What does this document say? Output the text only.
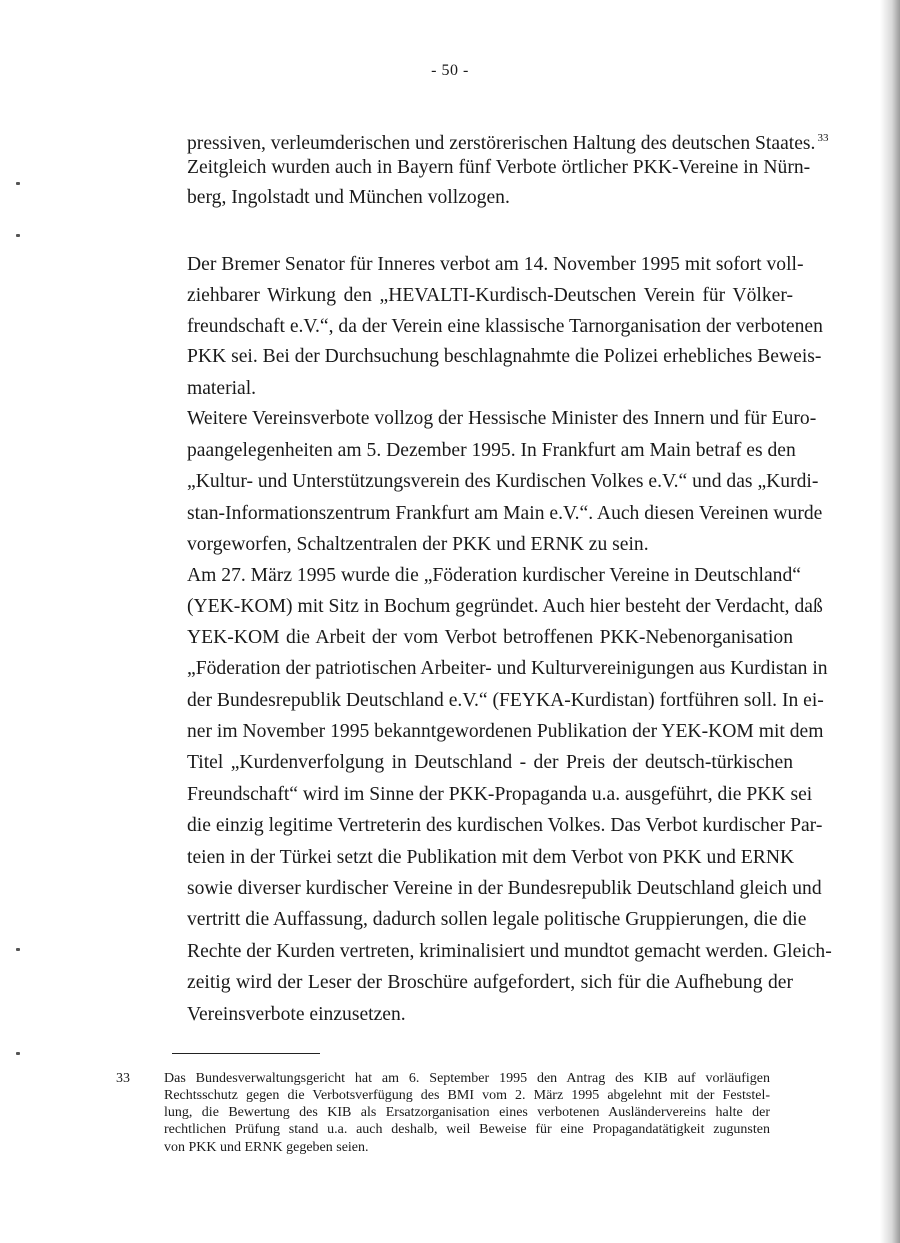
- 50 -
pressiven, verleumderischen und zerstörerischen Haltung des deutschen Staates. $^{33}$
Zeitgleich wurden auch in Bayern fünf Verbote örtlicher PKK-Vereine in Nürn-
berg, Ingolstadt und München vollzogen.
Der Bremer Senator für Inneres verbot am 14. November 1995 mit sofort voll-
ziehbarer Wirkung den „HEVALTI-Kurdisch-Deutschen Verein für Völker-
freundschaft e.V.“, da der Verein eine klassische Tarnorganisation der verbotenen
PKK sei. Bei der Durchsuchung beschlagnahmte die Polizei erhebliches Beweis-
material.
Weitere Vereinsverbote vollzog der Hessische Minister des Innern und für Euro-
paangelegenheiten am 5. Dezember 1995. In Frankfurt am Main betraf es den
„Kultur- und Unterstützungsverein des Kurdischen Volkes e.V.“ und das „Kurdi-
stan-Informationszentrum Frankfurt am Main e.V.“. Auch diesen Vereinen wurde
vorgeworfen, Schaltzentralen der PKK und ERNK zu sein.
Am 27. März 1995 wurde die „Föderation kurdischer Vereine in Deutschland“
(YEK-KOM) mit Sitz in Bochum gegründet. Auch hier besteht der Verdacht, daß
YEK-KOM die Arbeit der vom Verbot betroffenen PKK-Nebenorganisation
„Föderation der patriotischen Arbeiter- und Kulturvereinigungen aus Kurdistan in
der Bundesrepublik Deutschland e.V.“ (FEYKA-Kurdistan) fortführen soll. In ei-
ner im November 1995 bekanntgewordenen Publikation der YEK-KOM mit dem
Titel „Kurdenverfolgung in Deutschland - der Preis der deutsch-türkischen
Freundschaft“ wird im Sinne der PKK-Propaganda u.a. ausgeführt, die PKK sei
die einzig legitime Vertreterin des kurdischen Volkes. Das Verbot kurdischer Par-
teien in der Türkei setzt die Publikation mit dem Verbot von PKK und ERNK
sowie diverser kurdischer Vereine in der Bundesrepublik Deutschland gleich und
vertritt die Auffassung, dadurch sollen legale politische Gruppierungen, die die
Rechte der Kurden vertreten, kriminalisiert und mundtot gemacht werden. Gleich-
zeitig wird der Leser der Broschüre aufgefordert, sich für die Aufhebung der
Vereinsverbote einzusetzen.
33 Das Bundesverwaltungsgericht hat am 6. September 1995 den Antrag des KIB auf vorläufigen
Rechtsschutz gegen die Verbotsverfügung des BMI vom 2. März 1995 abgelehnt mit der Feststel-
lung, die Bewertung des KIB als Ersatzorganisation eines verbotenen Ausländervereins halte der
rechtlichen Prüfung stand u.a. auch deshalb, weil Beweise für eine Propagandatätigkeit zugunsten
von PKK und ERNK gegeben seien.
